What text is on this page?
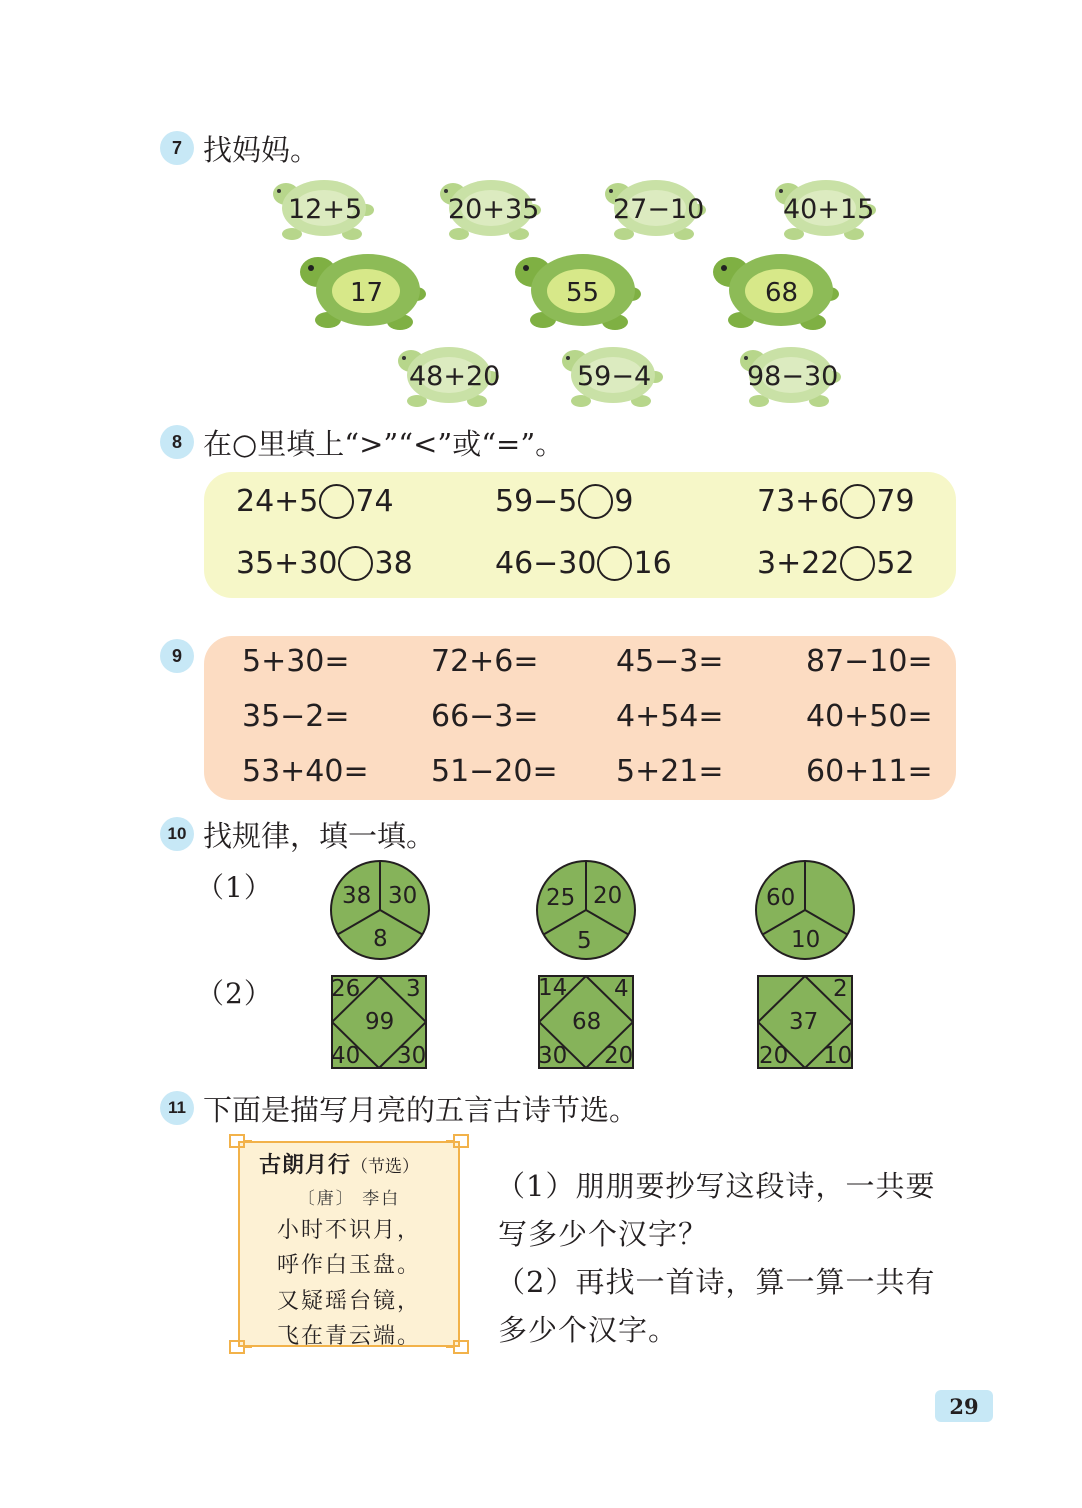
7 找妈妈。
12+5	20+35	27−10	40+15
17	55	68
48+20	59−4	98−30
8 在○里填上“>”“<”或“=”。
24+5 74	59−5 9	73+6 79
35+30 38	46−30 16	3+22 52
9	5+30=	72+6=	45−3=	87−10=
35−2=	66−3=	4+54=	40+50=
53+40= 51−20= 5+21=	60+11=
10 找规律，填一填。
（1）
（2）
38 30
8
25 20
5
60
10
26 3
99
40 30
14 4
68
30 20
2
37
20 10
11 下面是描写月亮的五言古诗节选。
古朗月行（节选）
〔唐〕 李白
小时不识月，
呼作白玉盘。
又疑瑶台镜，
飞在青云端。
（1）朋朋要抄写这段诗，一共要
写多少个汉字？
（2）再找一首诗，算一算一共有
多少个汉字。
29
